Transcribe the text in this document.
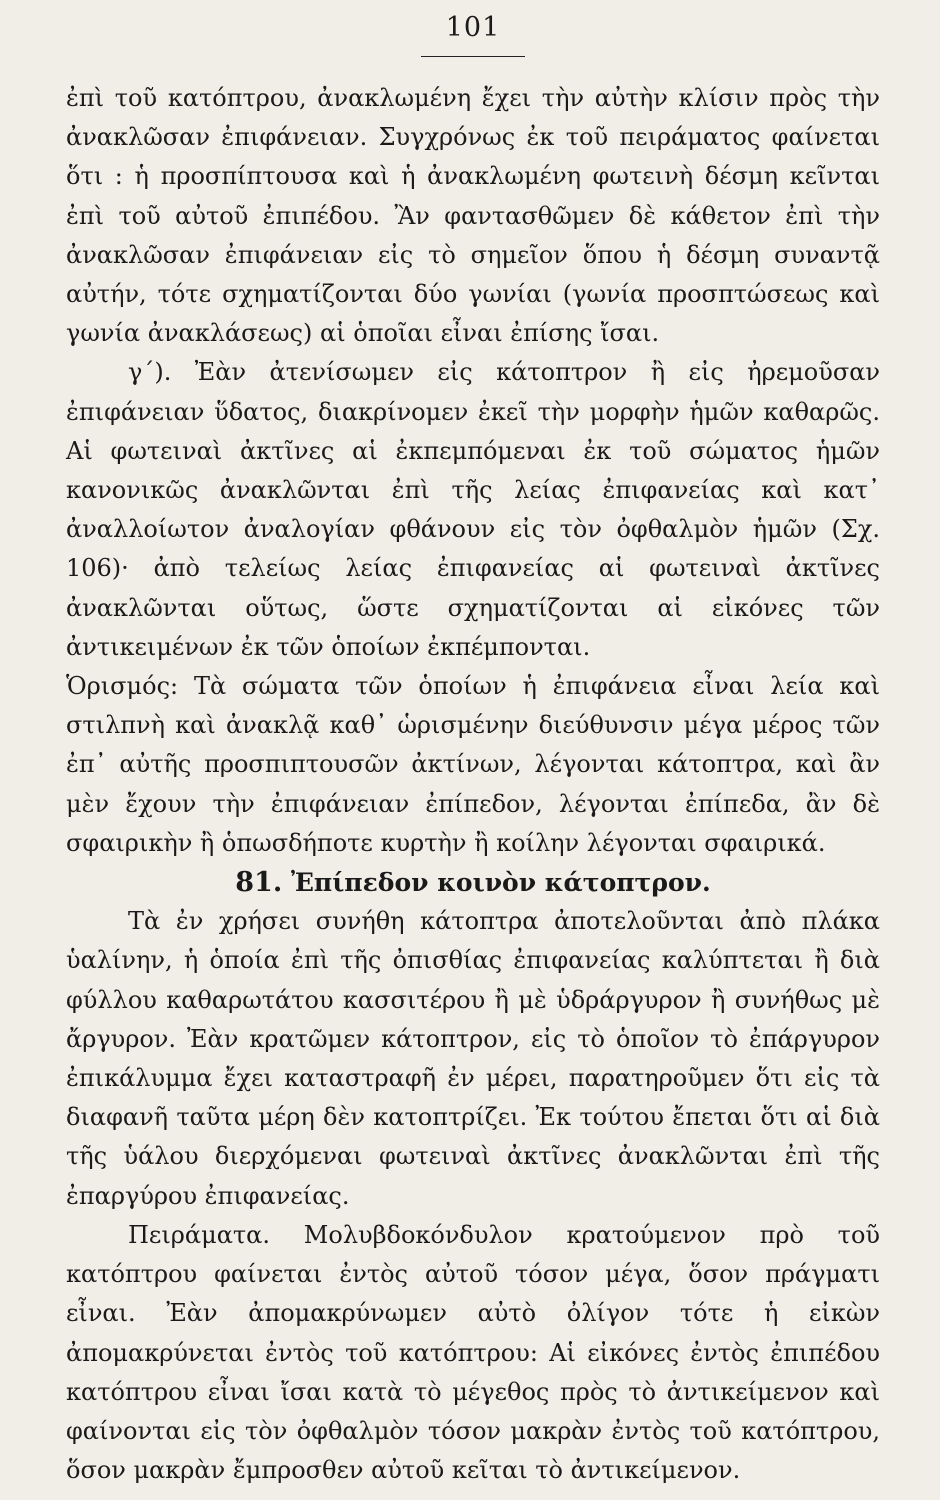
101

ἐπὶ τοῦ κατόπτρου, ἀνακλωμένη ἔχει τὴν αὐτὴν κλίσιν πρὸς τὴν ἀνακλῶσαν ἐπιφάνειαν. Συγχρόνως ἐκ τοῦ πειράματος φαίνεται ὅτι : ἡ προσπίπτουσα καὶ ἡ ἀνακλωμένη φωτεινὴ δέσμη κεῖνται ἐπὶ τοῦ αὐτοῦ ἐπιπέδου. Ἂν φαντασθῶμεν δὲ κάθετον ἐπὶ τὴν ἀνακλῶσαν ἐπιφάνειαν εἰς τὸ σημεῖον ὅπου ἡ δέσμη συναντᾷ αὐτήν, τότε σχηματίζονται δύο γωνίαι (γωνία προσπτώσεως καὶ γωνία ἀνακλάσεως) αἱ ὁποῖαι εἶναι ἐπίσης ἴσαι.

γ΄). Ἐὰν ἀτενίσωμεν εἰς κάτοπτρον ἢ εἰς ἠρεμοῦσαν ἐπιφάνειαν ὕδατος, διακρίνομεν ἐκεῖ τὴν μορφὴν ἡμῶν καθαρῶς. Αἱ φωτειναὶ ἀκτῖνες αἱ ἐκπεμπόμεναι ἐκ τοῦ σώματος ἡμῶν κανονικῶς ἀνακλῶνται ἐπὶ τῆς λείας ἐπιφανείας καὶ κατ᾽ ἀναλλοίωτον ἀναλογίαν φθάνουν εἰς τὸν ὀφθαλμὸν ἡμῶν (Σχ. 106)· ἀπὸ τελείως λείας ἐπιφανείας αἱ φωτειναὶ ἀκτῖνες ἀνακλῶνται οὕτως, ὥστε σχηματίζονται αἱ εἰκόνες τῶν ἀντικειμένων ἐκ τῶν ὁποίων ἐκπέμπονται.

Ὁρισμός: Τὰ σώματα τῶν ὁποίων ἡ ἐπιφάνεια εἶναι λεία καὶ στιλπνὴ καὶ ἀνακλᾷ καθ᾽ ὡρισμένην διεύθυνσιν μέγα μέρος τῶν ἐπ᾽ αὐτῆς προσπιπτουσῶν ἀκτίνων, λέγονται κάτοπτρα, καὶ ἂν μὲν ἔχουν τὴν ἐπιφάνειαν ἐπίπεδον, λέγονται ἐπίπεδα, ἂν δὲ σφαιρικὴν ἢ ὁπωσδήποτε κυρτὴν ἢ κοίλην λέγονται σφαιρικά.

81. Ἐπίπεδον κοινὸν κάτοπτρον.

Τὰ ἐν χρήσει συνήθη κάτοπτρα ἀποτελοῦνται ἀπὸ πλάκα ὑαλίνην, ἡ ὁποία ἐπὶ τῆς ὀπισθίας ἐπιφανείας καλύπτεται ἢ διὰ φύλλου καθαρωτάτου κασσιτέρου ἢ μὲ ὑδράργυρον ἢ συνήθως μὲ ἄργυρον. Ἐὰν κρατῶμεν κάτοπτρον, εἰς τὸ ὁποῖον τὸ ἐπάργυρον ἐπικάλυμμα ἔχει καταστραφῆ ἐν μέρει, παρατηροῦμεν ὅτι εἰς τὰ διαφανῆ ταῦτα μέρη δὲν κατοπτρίζει. Ἐκ τούτου ἔπεται ὅτι αἱ διὰ τῆς ὑάλου διερχόμεναι φωτειναὶ ἀκτῖνες ἀνακλῶνται ἐπὶ τῆς ἐπαργύρου ἐπιφανείας.

Πειράματα. Μολυβδοκόνδυλον κρατούμενον πρὸ τοῦ κατόπτρου φαίνεται ἐντὸς αὐτοῦ τόσον μέγα, ὅσον πράγματι εἶναι. Ἐὰν ἀπομακρύνωμεν αὐτὸ ὀλίγον τότε ἡ εἰκὼν ἀπομακρύνεται ἐντὸς τοῦ κατόπτρου: Αἱ εἰκόνες ἐντὸς ἐπιπέδου κατόπτρου εἶναι ἴσαι κατὰ τὸ μέγεθος πρὸς τὸ ἀντικείμενον καὶ φαίνονται εἰς τὸν ὀφθαλμὸν τόσον μακρὰν ἐντὸς τοῦ κατόπτρου, ὅσον μακρὰν ἔμπροσθεν αὐτοῦ κεῖται τὸ ἀντικείμενον.
